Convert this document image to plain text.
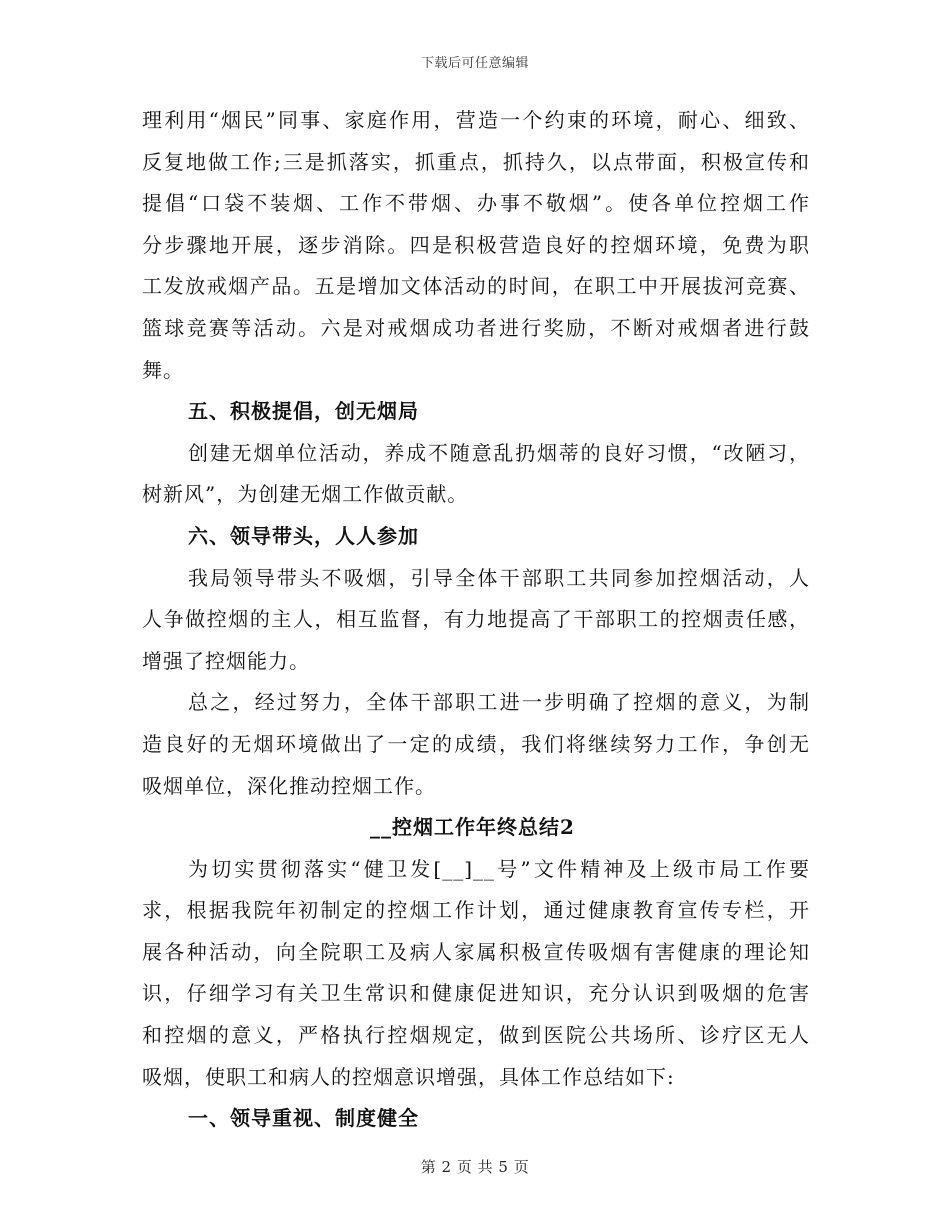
下载后可任意编辑
理利用“烟民”同事、家庭作用，营造一个约束的环境，耐心、细致、
反复地做工作;三是抓落实，抓重点，抓持久，以点带面，积极宣传和
提倡“口袋不装烟、工作不带烟、办事不敬烟”。使各单位控烟工作
分步骤地开展，逐步消除。四是积极营造良好的控烟环境，免费为职
工发放戒烟产品。五是增加文体活动的时间，在职工中开展拔河竞赛、
篮球竞赛等活动。六是对戒烟成功者进行奖励，不断对戒烟者进行鼓
舞。
五、积极提倡，创无烟局
创建无烟单位活动，养成不随意乱扔烟蒂的良好习惯，“改陋习，
树新风”，为创建无烟工作做贡献。
六、领导带头，人人参加
我局领导带头不吸烟，引导全体干部职工共同参加控烟活动，人
人争做控烟的主人，相互监督，有力地提高了干部职工的控烟责任感，
增强了控烟能力。
总之，经过努力，全体干部职工进一步明确了控烟的意义，为制
造良好的无烟环境做出了一定的成绩，我们将继续努力工作，争创无
吸烟单位，深化推动控烟工作。
__控烟工作年终总结2
为切实贯彻落实“健卫发[__]__号”文件精神及上级市局工作要
求，根据我院年初制定的控烟工作计划，通过健康教育宣传专栏，开
展各种活动，向全院职工及病人家属积极宣传吸烟有害健康的理论知
识，仔细学习有关卫生常识和健康促进知识，充分认识到吸烟的危害
和控烟的意义，严格执行控烟规定，做到医院公共场所、诊疗区无人
吸烟，使职工和病人的控烟意识增强，具体工作总结如下:
一、领导重视、制度健全
第 2 页 共 5 页
